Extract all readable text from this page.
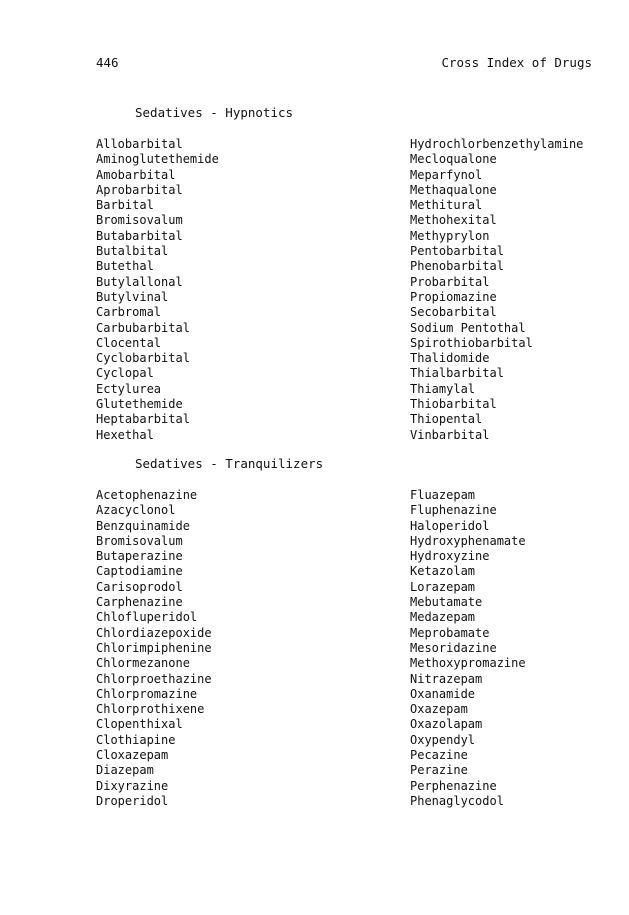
446	Cross Index of Drugs
Sedatives - Hypnotics
Allobarbital
Aminoglutethemide
Amobarbital
Aprobarbital
Barbital
Bromisovalum
Butabarbital
Butalbital
Butethal
Butylallonal
Butylvinal
Carbromal
Carbubarbital
Clocental
Cyclobarbital
Cyclopal
Ectylurea
Glutethemide
Heptabarbital
Hexethal
Hydrochlorbenzethylamine
Mecloqualone
Meparfynol
Methaqualone
Methitural
Methohexital
Methyprylon
Pentobarbital
Phenobarbital
Probarbital
Propiomazine
Secobarbital
Sodium Pentothal
Spirothiobarbital
Thalidomide
Thialbarbital
Thiamylal
Thiobarbital
Thiopental
Vinbarbital
Sedatives - Tranquilizers
Acetophenazine
Azacyclonol
Benzquinamide
Bromisovalum
Butaperazine
Captodiamine
Carisoprodol
Carphenazine
Chlofluperidol
Chlordiazepoxide
Chlorimpiphenine
Chlormezanone
Chlorproethazine
Chlorpromazine
Chlorprothixene
Clopenthixal
Clothiapine
Cloxazepam
Diazepam
Dixyrazine
Droperidol
Fluazepam
Fluphenazine
Haloperidol
Hydroxyphenamate
Hydroxyzine
Ketazolam
Lorazepam
Mebutamate
Medazepam
Meprobamate
Mesoridazine
Methoxypromazine
Nitrazepam
Oxanamide
Oxazepam
Oxazolapam
Oxypendyl
Pecazine
Perazine
Perphenazine
Phenaglycodol
